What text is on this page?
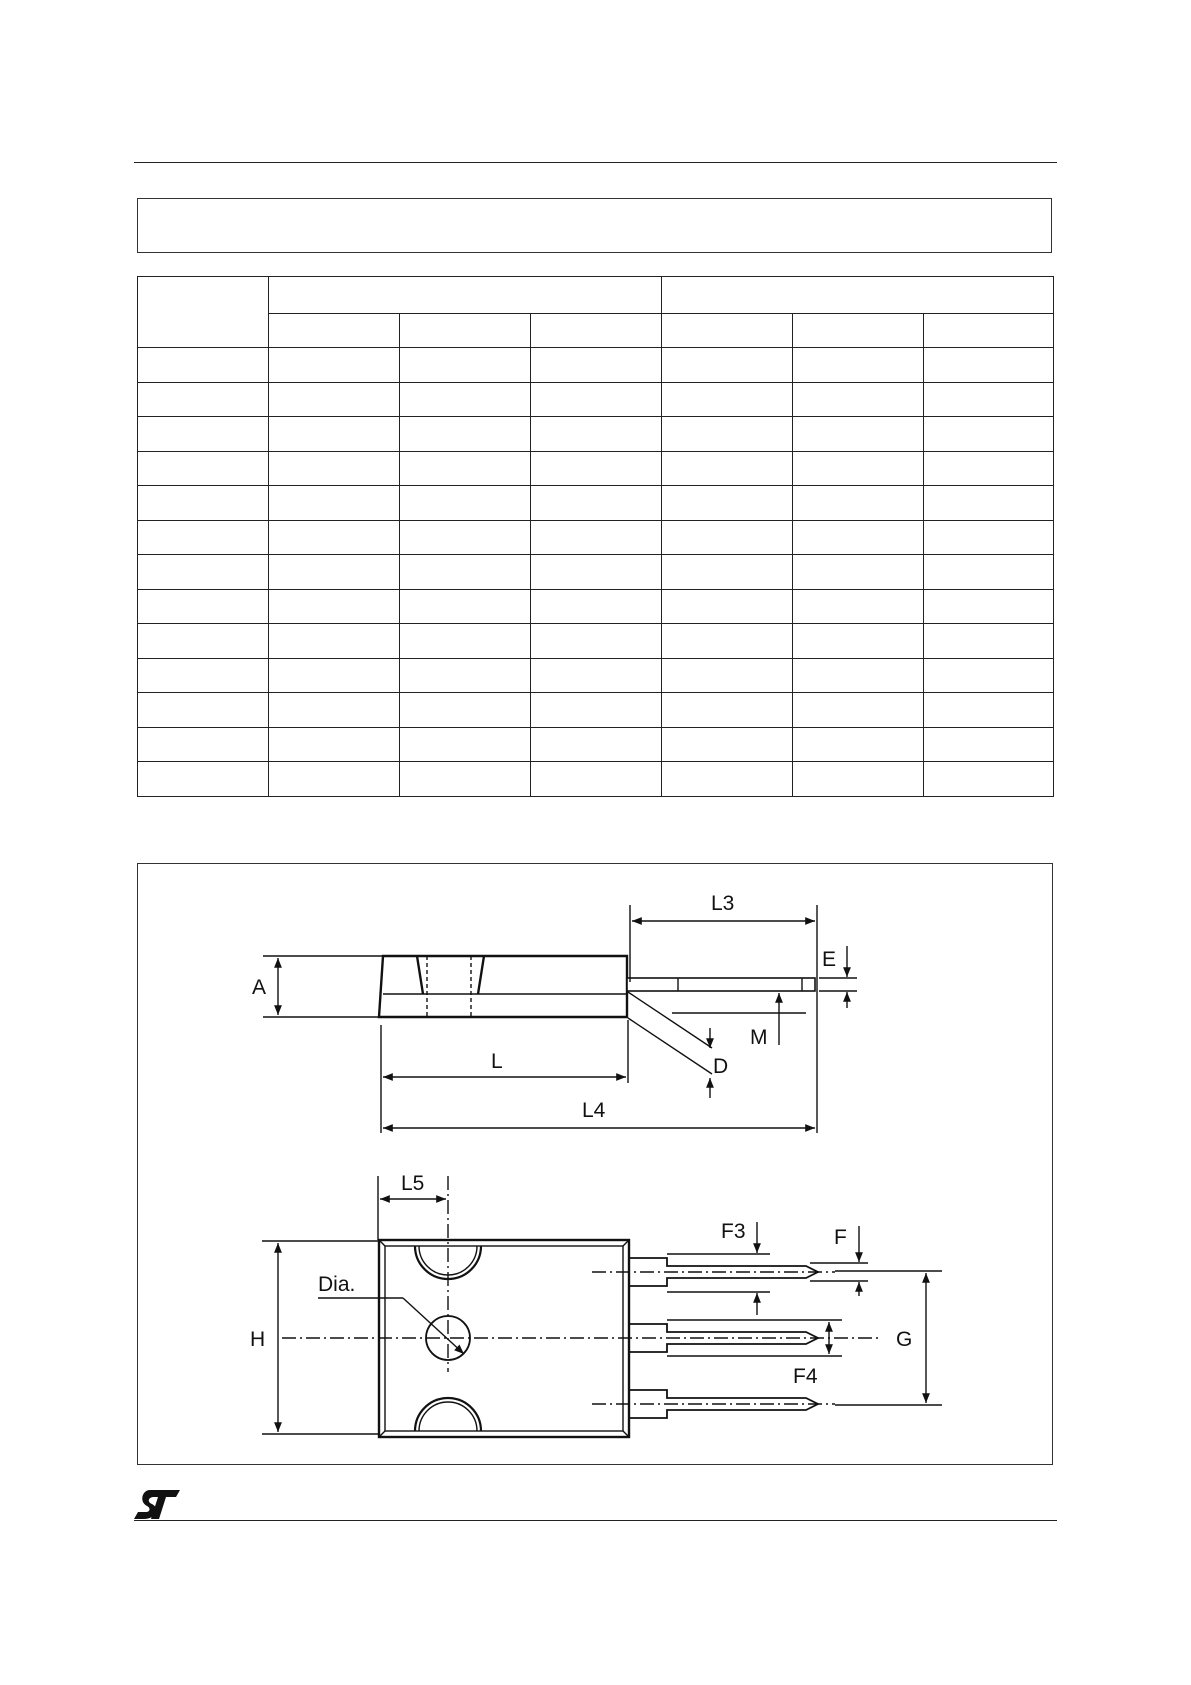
L3
E
A
M
L	D
L4
L5
F3	F
Dia.
H	G
F4
